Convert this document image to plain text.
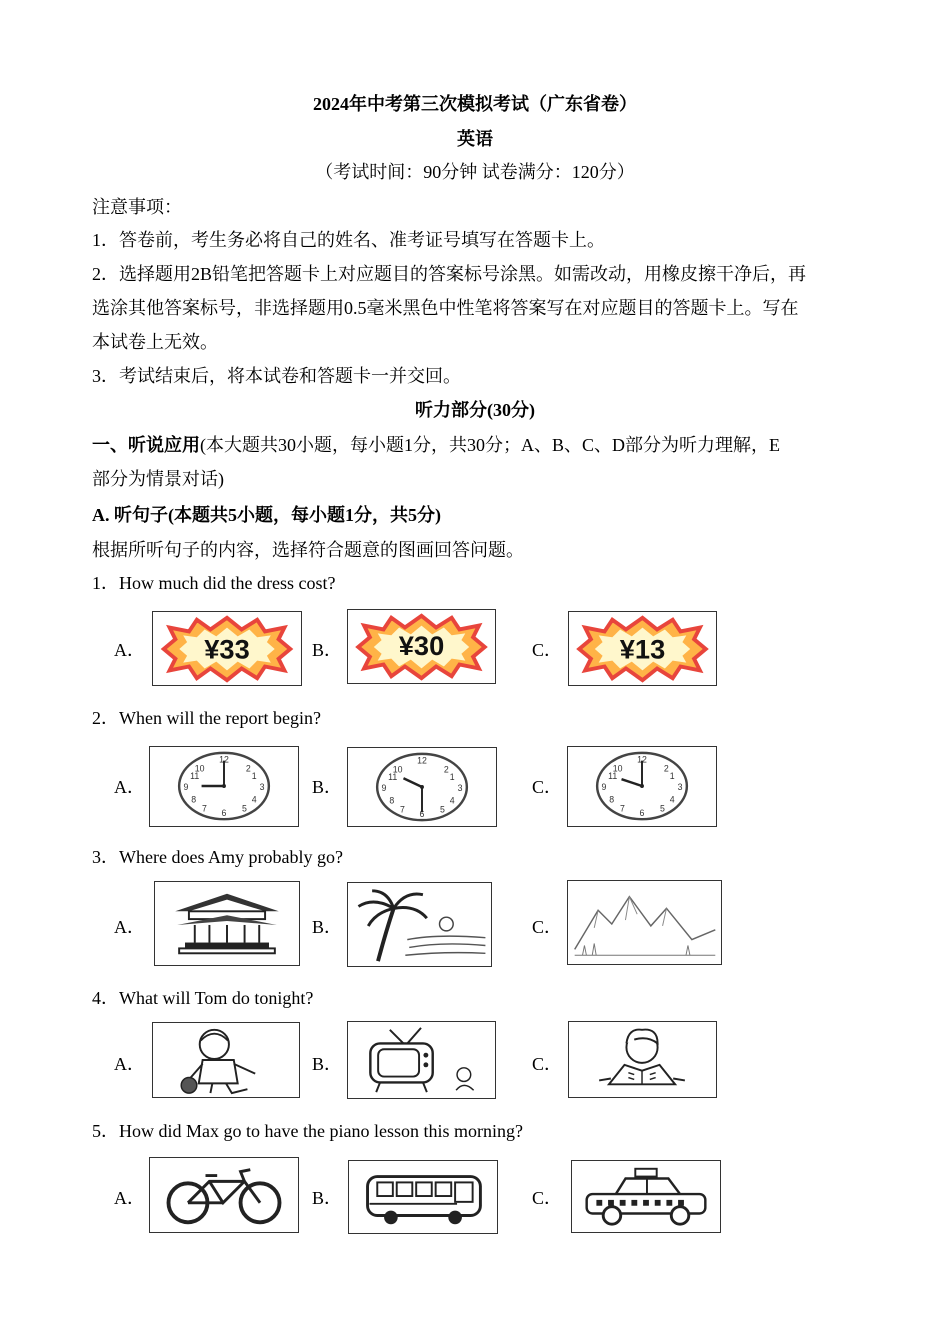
2024年中考第三次模拟考试（广东省卷）
英语
（考试时间：90分钟 试卷满分：120分）
注意事项：
1．答卷前，考生务必将自己的姓名、准考证号填写在答题卡上。
2．选择题用2B铅笔把答题卡上对应题目的答案标号涂黑。如需改动，用橡皮擦干净后，再
选涂其他答案标号，非选择题用0.5毫米黑色中性笔将答案写在对应题目的答题卡上。写在
本试卷上无效。
3．考试结束后，将本试卷和答题卡一并交回。
听力部分(30分)
一、听说应用(本大题共30小题，每小题1分，共30分；A、B、C、D部分为听力理解，E
部分为情景对话)
A. 听句子(本题共5小题，每小题1分，共5分)
根据所听句子的内容，选择符合题意的图画回答问题。
1．How much did the dress cost?
A． ¥33	B． ¥30	C． ¥13
2．When will the report begin?
A．
12
6
9	3
10	2
11	1
8	4
7	5
B．
12
6
9	3
10	2
11	1
8	4
7	5
C．
12
6
9	3
10	2
11	1
8	4
7	5
3．Where does Amy probably go?
A．	B．	C．
4．What will Tom do tonight?
A．	B．	C．
5．How did Max go to have the piano lesson this morning?
A．	B．	C．
